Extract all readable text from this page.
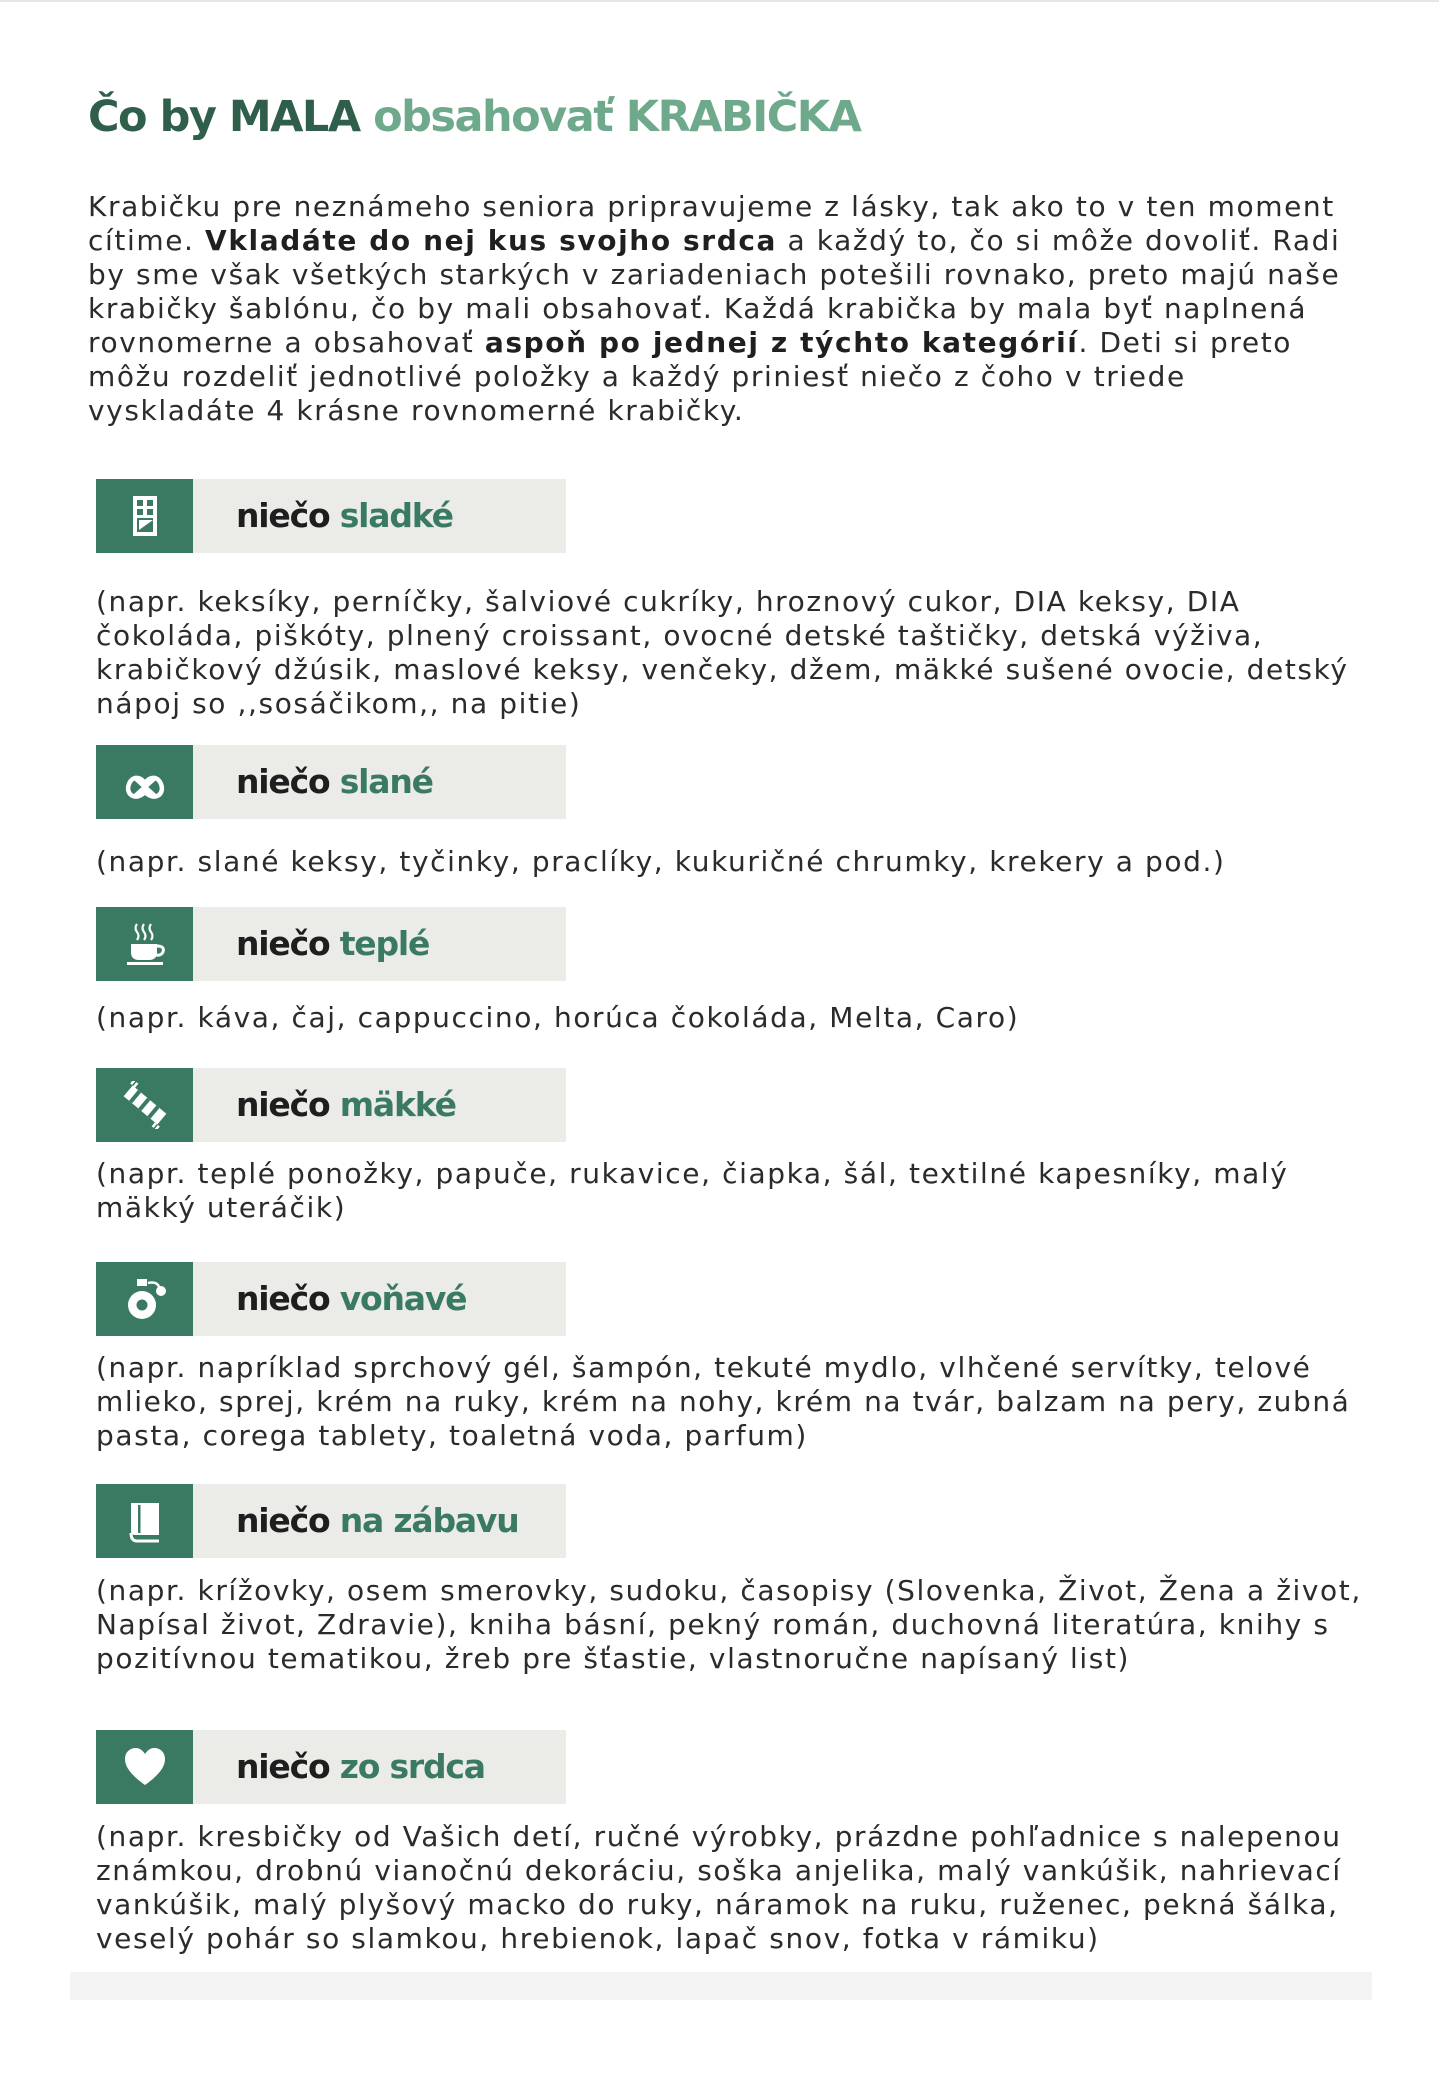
Čo by MALA obsahovať KRABIČKA

Krabičku pre neznámeho seniora pripravujeme z lásky, tak ako to v ten moment cítime. Vkladáte do nej kus svojho srdca a každý to, čo si môže dovoliť. Radi by sme však všetkých starkých v zariadeniach potešili rovnako, preto majú naše krabičky šablónu, čo by mali obsahovať. Každá krabička by mala byť naplnená rovnomerne a obsahovať aspoň po jednej z týchto kategórií. Deti si preto môžu rozdeliť jednotlivé položky a každý priniesť niečo z čoho v triede vyskladáte 4 krásne rovnomerné krabičky.

niečo sladké

(napr. keksíky, perníčky, šalviové cukríky, hroznový cukor, DIA keksy, DIA čokoláda, piškóty, plnený croissant, ovocné detské taštičky, detská výživa, krabičkový džúsik, maslové keksy, venčeky, džem, mäkké sušené ovocie, detský nápoj so ,,sosáčikom,, na pitie)

niečo slané

(napr. slané keksy, tyčinky, praclíky, kukuričné chrumky, krekery a pod.)

niečo teplé

(napr. káva, čaj, cappuccino, horúca čokoláda, Melta, Caro)

niečo mäkké

(napr. teplé ponožky, papuče, rukavice, čiapka, šál, textilné kapesníky, malý mäkký uteráčik)

niečo voňavé

(napr. napríklad sprchový gél, šampón, tekuté mydlo, vlhčené servítky, telové mlieko, sprej, krém na ruky, krém na nohy, krém na tvár, balzam na pery, zubná pasta, corega tablety, toaletná voda, parfum)

niečo na zábavu

(napr. krížovky, osem smerovky, sudoku, časopisy (Slovenka, Život, Žena a život, Napísal život, Zdravie), kniha básní, pekný román, duchovná literatúra, knihy s pozitívnou tematikou, žreb pre šťastie, vlastnoručne napísaný list)

niečo zo srdca

(napr. kresbičky od Vašich detí, ručné výrobky, prázdne pohľadnice s nalepenou známkou, drobnú vianočnú dekoráciu, soška anjelika, malý vankúšik, nahrievací vankúšik, malý plyšový macko do ruky, náramok na ruku, ruženec, pekná šálka, veselý pohár so slamkou, hrebienok, lapač snov, fotka v rámiku)
